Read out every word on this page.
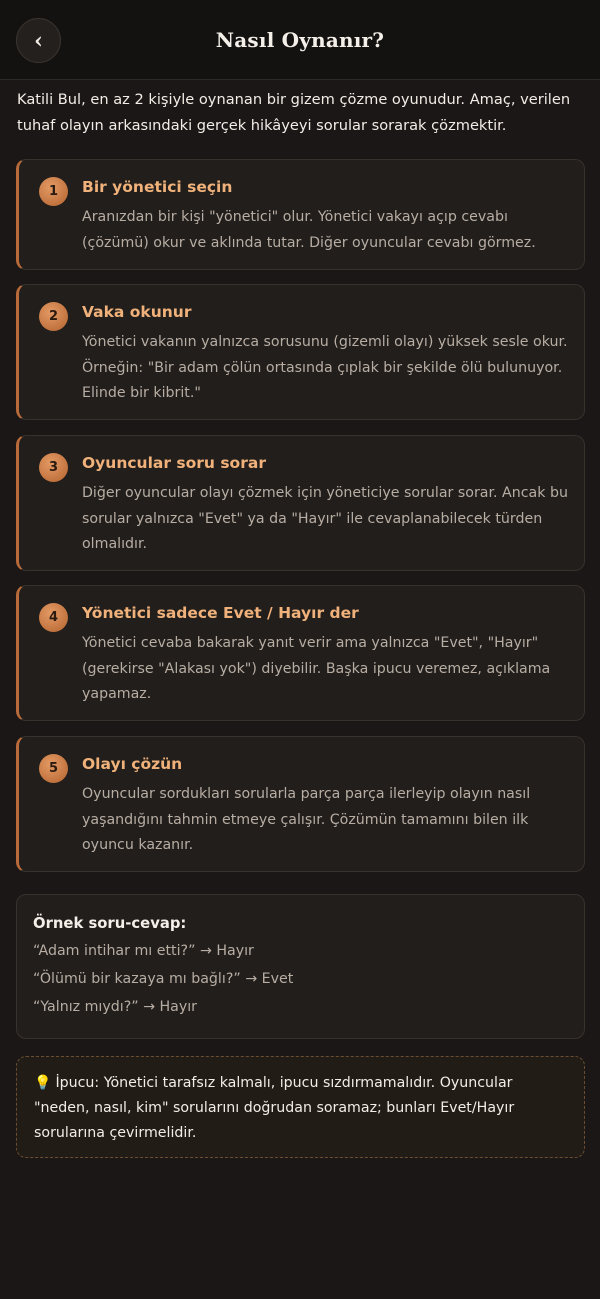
‹	Nasıl Oynanır?
Katili Bul, en az 2 kişiyle oynanan bir gizem çözme oyunudur. Amaç, verilen tuhaf olayın arkasındaki gerçek hikâyeyi sorular sorarak çözmektir.
1	Bir yönetici seçin
Aranızdan bir kişi "yönetici" olur. Yönetici vakayı açıp cevabı (çözümü) okur ve aklında tutar. Diğer oyuncular cevabı görmez.
2	Vaka okunur
Yönetici vakanın yalnızca sorusunu (gizemli olayı) yüksek sesle okur. Örneğin: "Bir adam çölün ortasında çıplak bir şekilde ölü bulunuyor. Elinde bir kibrit."
3	Oyuncular soru sorar
Diğer oyuncular olayı çözmek için yöneticiye sorular sorar. Ancak bu sorular yalnızca "Evet" ya da "Hayır" ile cevaplanabilecek türden olmalıdır.
4	Yönetici sadece Evet / Hayır der
Yönetici cevaba bakarak yanıt verir ama yalnızca "Evet", "Hayır" (gerekirse "Alakası yok") diyebilir. Başka ipucu veremez, açıklama yapamaz.
5	Olayı çözün
Oyuncular sordukları sorularla parça parça ilerleyip olayın nasıl yaşandığını tahmin etmeye çalışır. Çözümün tamamını bilen ilk oyuncu kazanır.
Örnek soru-cevap:
“Adam intihar mı etti?” → Hayır
“Ölümü bir kazaya mı bağlı?” → Evet
“Yalnız mıydı?” → Hayır
💡 İpucu: Yönetici tarafsız kalmalı, ipucu sızdırmamalıdır. Oyuncular "neden, nasıl, kim" sorularını doğrudan soramaz; bunları Evet/Hayır sorularına çevirmelidir.
